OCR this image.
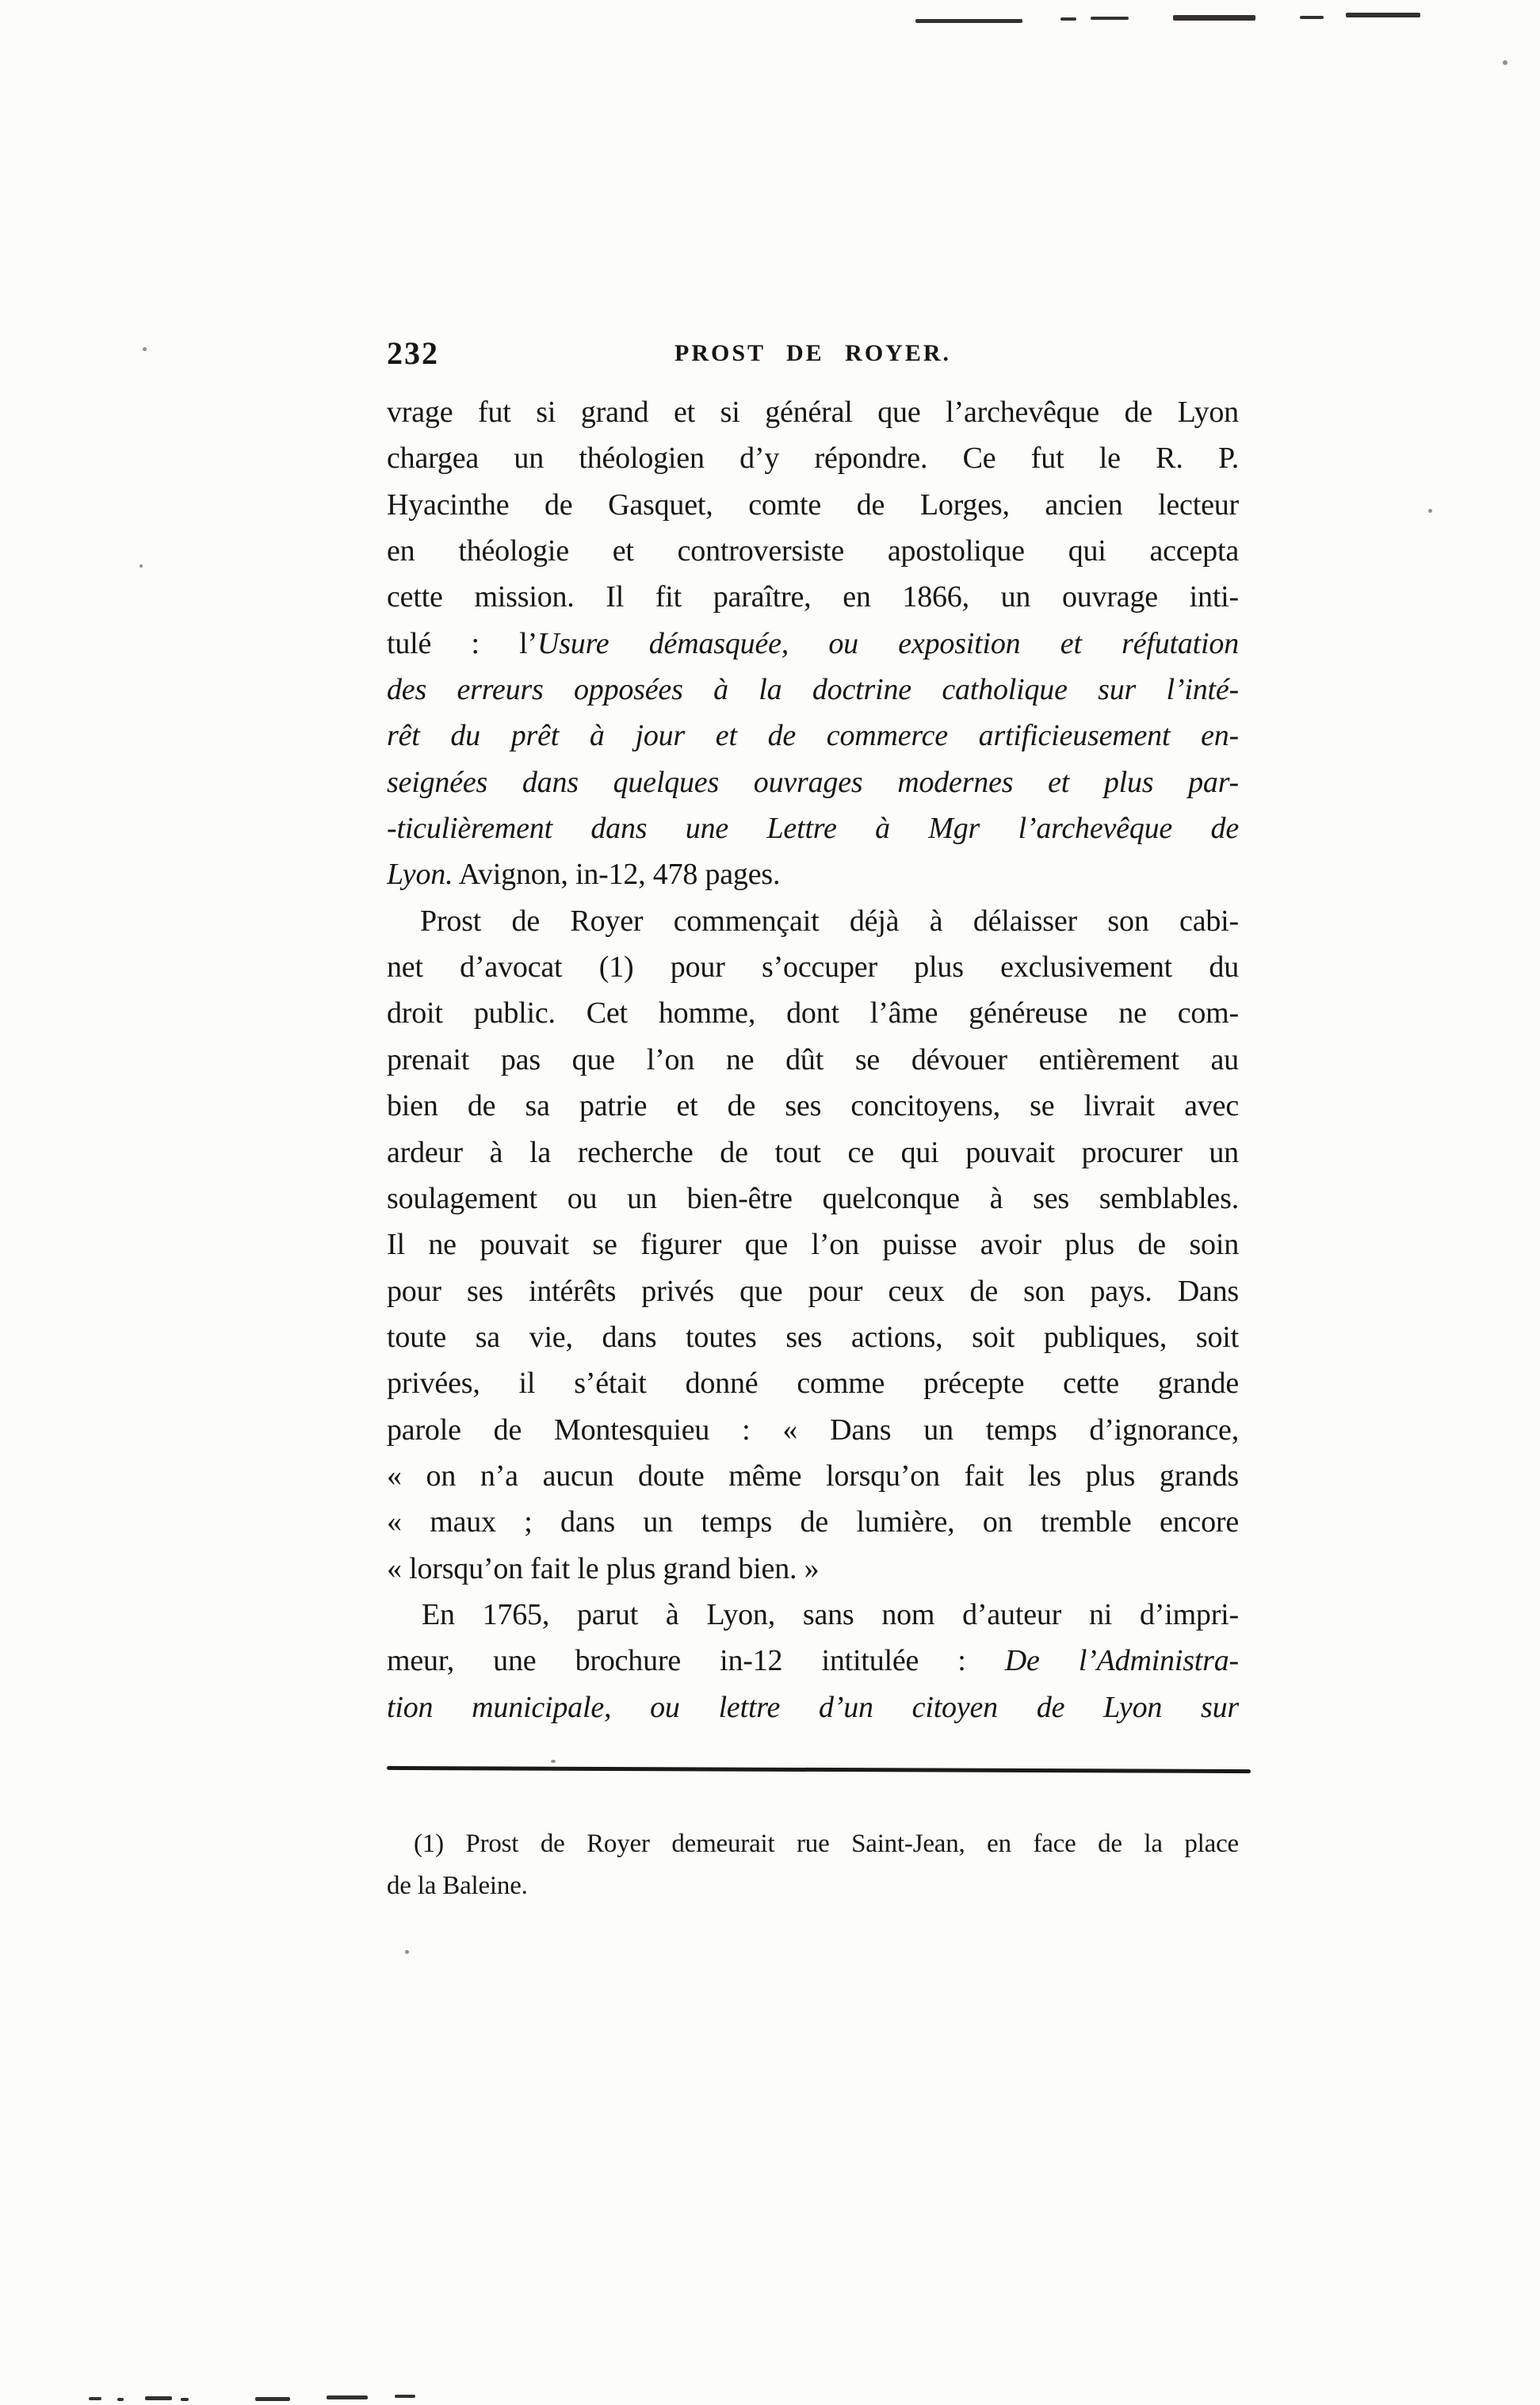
232	PROST DE ROYER.
vrage fut si grand et si général que l’archevêque de Lyon
chargea un théologien d’y répondre. Ce fut le R. P.
Hyacinthe de Gasquet, comte de Lorges, ancien lecteur
en théologie et controversiste apostolique qui accepta
cette mission. Il fit paraître, en 1866, un ouvrage inti-
tulé : l’Usure démasquée, ou exposition et réfutation
des erreurs opposées à la doctrine catholique sur l’inté-
rêt du prêt à jour et de commerce artificieusement en-
seignées dans quelques ouvrages modernes et plus par-
-ticulièrement dans une Lettre à Mgr l’archevêque de
Lyon. Avignon, in-12, 478 pages.
Prost de Royer commençait déjà à délaisser son cabi-
net d’avocat (1) pour s’occuper plus exclusivement du
droit public. Cet homme, dont l’âme généreuse ne com-
prenait pas que l’on ne dût se dévouer entièrement au
bien de sa patrie et de ses concitoyens, se livrait avec
ardeur à la recherche de tout ce qui pouvait procurer un
soulagement ou un bien-être quelconque à ses semblables.
Il ne pouvait se figurer que l’on puisse avoir plus de soin
pour ses intérêts privés que pour ceux de son pays. Dans
toute sa vie, dans toutes ses actions, soit publiques, soit
privées, il s’était donné comme précepte cette grande
parole de Montesquieu : « Dans un temps d’ignorance,
« on n’a aucun doute même lorsqu’on fait les plus grands
« maux ; dans un temps de lumière, on tremble encore
« lorsqu’on fait le plus grand bien. »
En 1765, parut à Lyon, sans nom d’auteur ni d’impri-
meur, une brochure in-12 intitulée : De l’Administra-
tion municipale, ou lettre d’un citoyen de Lyon sur
(1) Prost de Royer demeurait rue Saint-Jean, en face de la place
de la Baleine.
